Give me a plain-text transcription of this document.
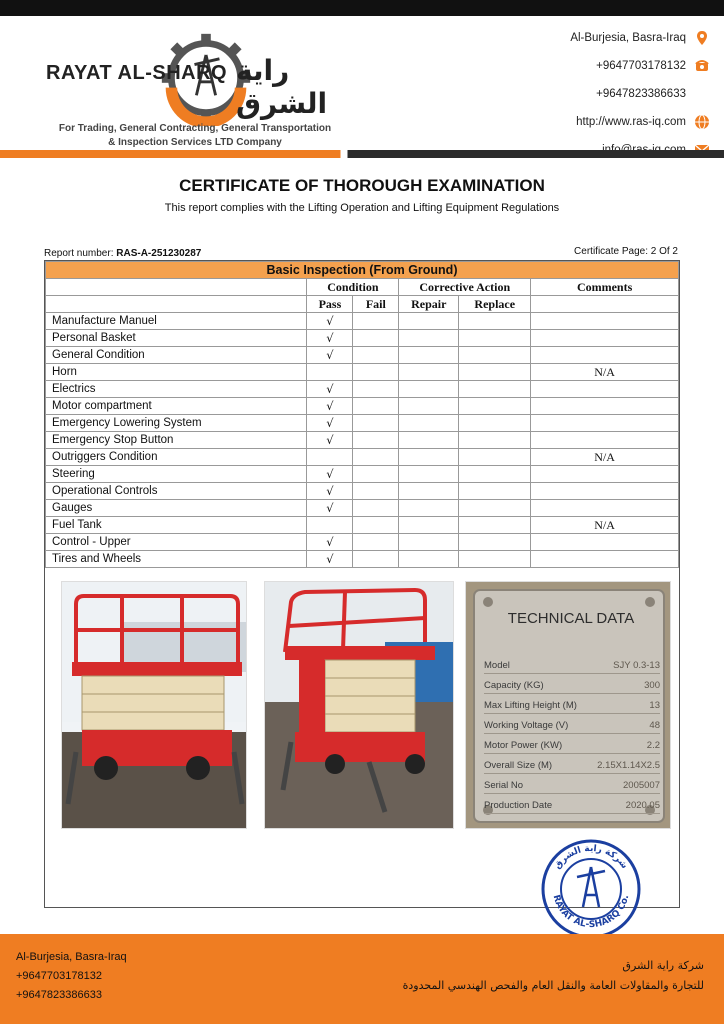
RAYAT AL-SHARQ راية الشرق
For Trading, General Contracting, General Transportation
& Inspection Services LTD Company
Al-Burjesia, Basra-Iraq
+9647703178132
+9647823386633
http://www.ras-iq.com
CERTIFICATE OF THOROUGH EXAMINATION
This report complies with the Lifting Operation and Lifting Equipment Regulations
Report number: RAS-A-251230287	Certificate Page: 2 Of 2
Basic Inspection (From Ground)					
	Condition		Corrective Action		Comments
	Pass	Fail	Repair	Replace	
Manufacture Manuel	√				
Personal Basket	√				
General Condition	√				
Horn					N/A
Electrics	√				
Motor compartment	√				
Emergency Lowering System	√				
Emergency Stop Button	√				
Outriggers Condition					N/A
Steering	√				
Operational Controls	√				
Gauges	√				
Fuel Tank					N/A
Control - Upper	√				
Tires and Wheels	√				
TECHNICAL DATA
Model	SJY 0.3-13
Capacity (KG)	300
Max Lifting Height (M)	13
Working Voltage (V)	48
Motor Power (KW)	2.2
Overall Size (M)	2.15X1.14X2.5
Serial No	2005007
Production Date	2020.05
RAYAT AL-SHARQ Co.
شركة راية الشرق
Al-Burjesia, Basra-Iraq
+9647703178132
+9647823386633
شركة راية الشرق
للتجارة والمقاولات العامة والنقل العام والفحص الهندسي المحدودة
